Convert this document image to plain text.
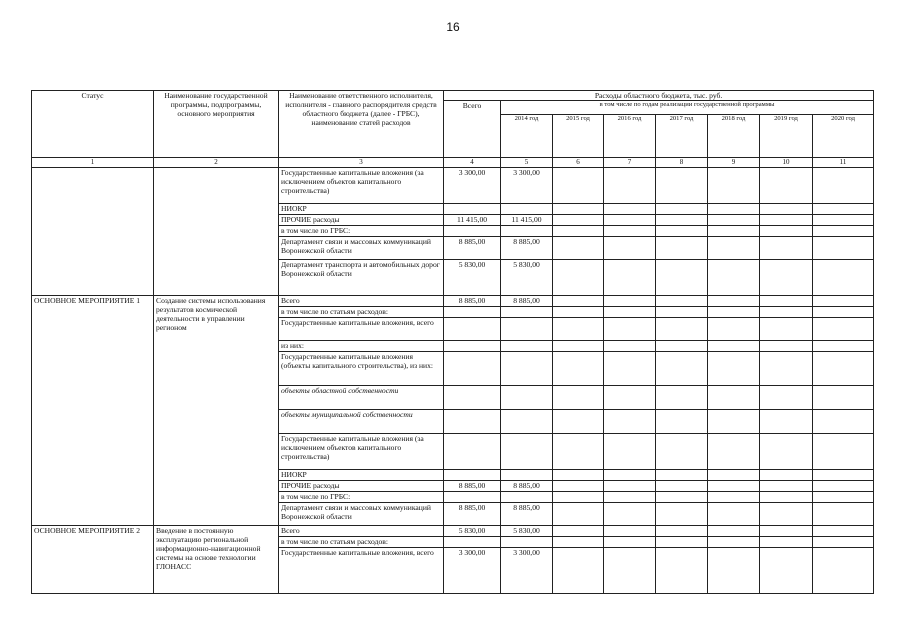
16
Статус	Наименование государственной программы, подпрограммы, основного мероприятия	Наименование ответственного исполнителя, исполнителя - главного распорядителя средств областного бюджета (далее - ГРБС), наименование статей расходов	Расходы областного бюджета, тыс. руб.							
			Всего	в том числе по годам реализации государственной программы						
				2014 год	2015 год	2016 год	2017 год	2018 год	2019 год	2020 год
1	2	3	4	5	6	7	8	9	10	11
		Государственные капитальные вложения (за исключением объектов капитального строительства)	3 300,00	3 300,00						
		НИОКР								
		ПРОЧИЕ расходы	11 415,00	11 415,00						
		в том числе по ГРБС:								
		Департамент связи и массовых коммуникаций Воронежской области	8 885,00	8 885,00						
		Департамент транспорта и автомобильных дорог Воронежской области	5 830,00	5 830,00						
ОСНОВНОЕ МЕРОПРИЯТИЕ 1	Создание системы использования результатов космической деятельности в управлении регионом	Всего	8 885,00	8 885,00						
		в том числе по статьям расходов:								
		Государственные капитальные вложения, всего								
		из них:								
		Государственные капитальные вложения (объекты капитального строительства), из них:								
		объекты областной собственности								
		объекты муниципальной собственности								
		Государственные капитальные вложения (за исключением объектов капитального строительства)								
		НИОКР								
		ПРОЧИЕ расходы	8 885,00	8 885,00						
		в том числе по ГРБС:								
		Департамент связи и массовых коммуникаций Воронежской области	8 885,00	8 885,00						
ОСНОВНОЕ МЕРОПРИЯТИЕ 2	Введение в постоянную эксплуатацию региональной информационно-навигационной системы на основе технологии ГЛОНАСС	Всего	5 830,00	5 830,00						
		в том числе по статьям расходов:								
		Государственные капитальные вложения, всего	3 300,00	3 300,00						
